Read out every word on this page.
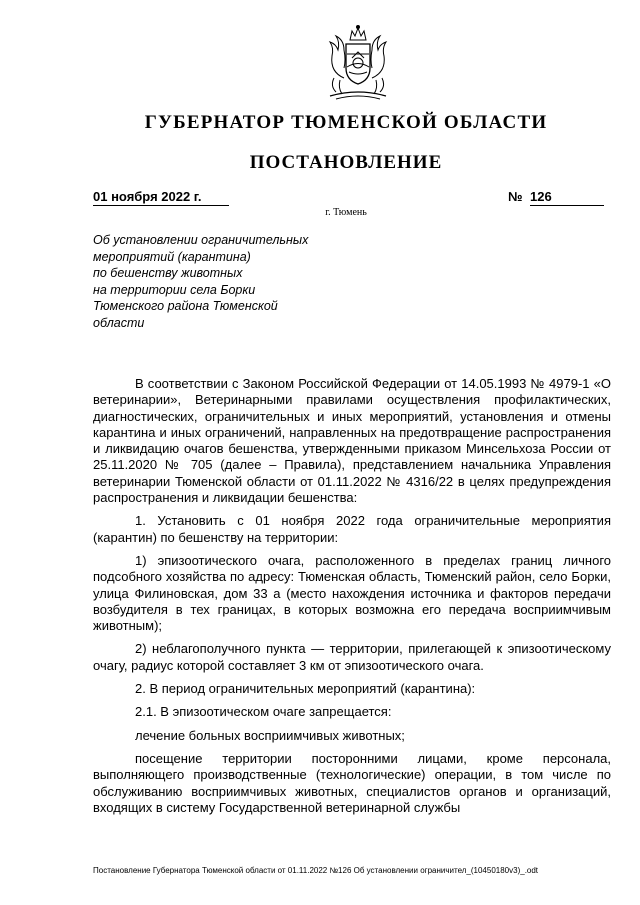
ГУБЕРНАТОР ТЮМЕНСКОЙ ОБЛАСТИ
ПОСТАНОВЛЕНИЕ
01 ноября 2022 г.	№ 126
г. Тюмень
Об установлении ограничительных
мероприятий (карантина)
по бешенству животных
на территории села Борки
Тюменского района Тюменской
области

В соответствии с Законом Российской Федерации от 14.05.1993 № 4979-1 «О ветеринарии», Ветеринарными правилами осуществления профилактических, диагностических, ограничительных и иных мероприятий, установления и отмены карантина и иных ограничений, направленных на предотвращение распространения и ликвидацию очагов бешенства, утвержденными приказом Минсельхоза России от 25.11.2020 № 705 (далее – Правила), представлением начальника Управления ветеринарии Тюменской области от 01.11.2022 № 4316/22 в целях предупреждения распространения и ликвидации бешенства:

1. Установить с 01 ноября 2022 года ограничительные мероприятия (карантин) по бешенству на территории:

1) эпизоотического очага, расположенного в пределах границ личного подсобного хозяйства по адресу: Тюменская область, Тюменский район, село Борки, улица Филиновская, дом 33 а (место нахождения источника и факторов передачи возбудителя в тех границах, в которых возможна его передача восприимчивым животным);

2) неблагополучного пункта — территории, прилегающей к эпизоотическому очагу, радиус которой составляет 3 км от эпизоотического очага.

2. В период ограничительных мероприятий (карантина):

2.1. В эпизоотическом очаге запрещается:

лечение больных восприимчивых животных;

посещение территории посторонними лицами, кроме персонала, выполняющего производственные (технологические) операции, в том числе по обслуживанию восприимчивых животных, специалистов органов и организаций, входящих в систему Государственной ветеринарной службы

Постановление Губернатора Тюменской области от 01.11.2022 №126 Об установлении ограничител_(10450180v3)_.odt
